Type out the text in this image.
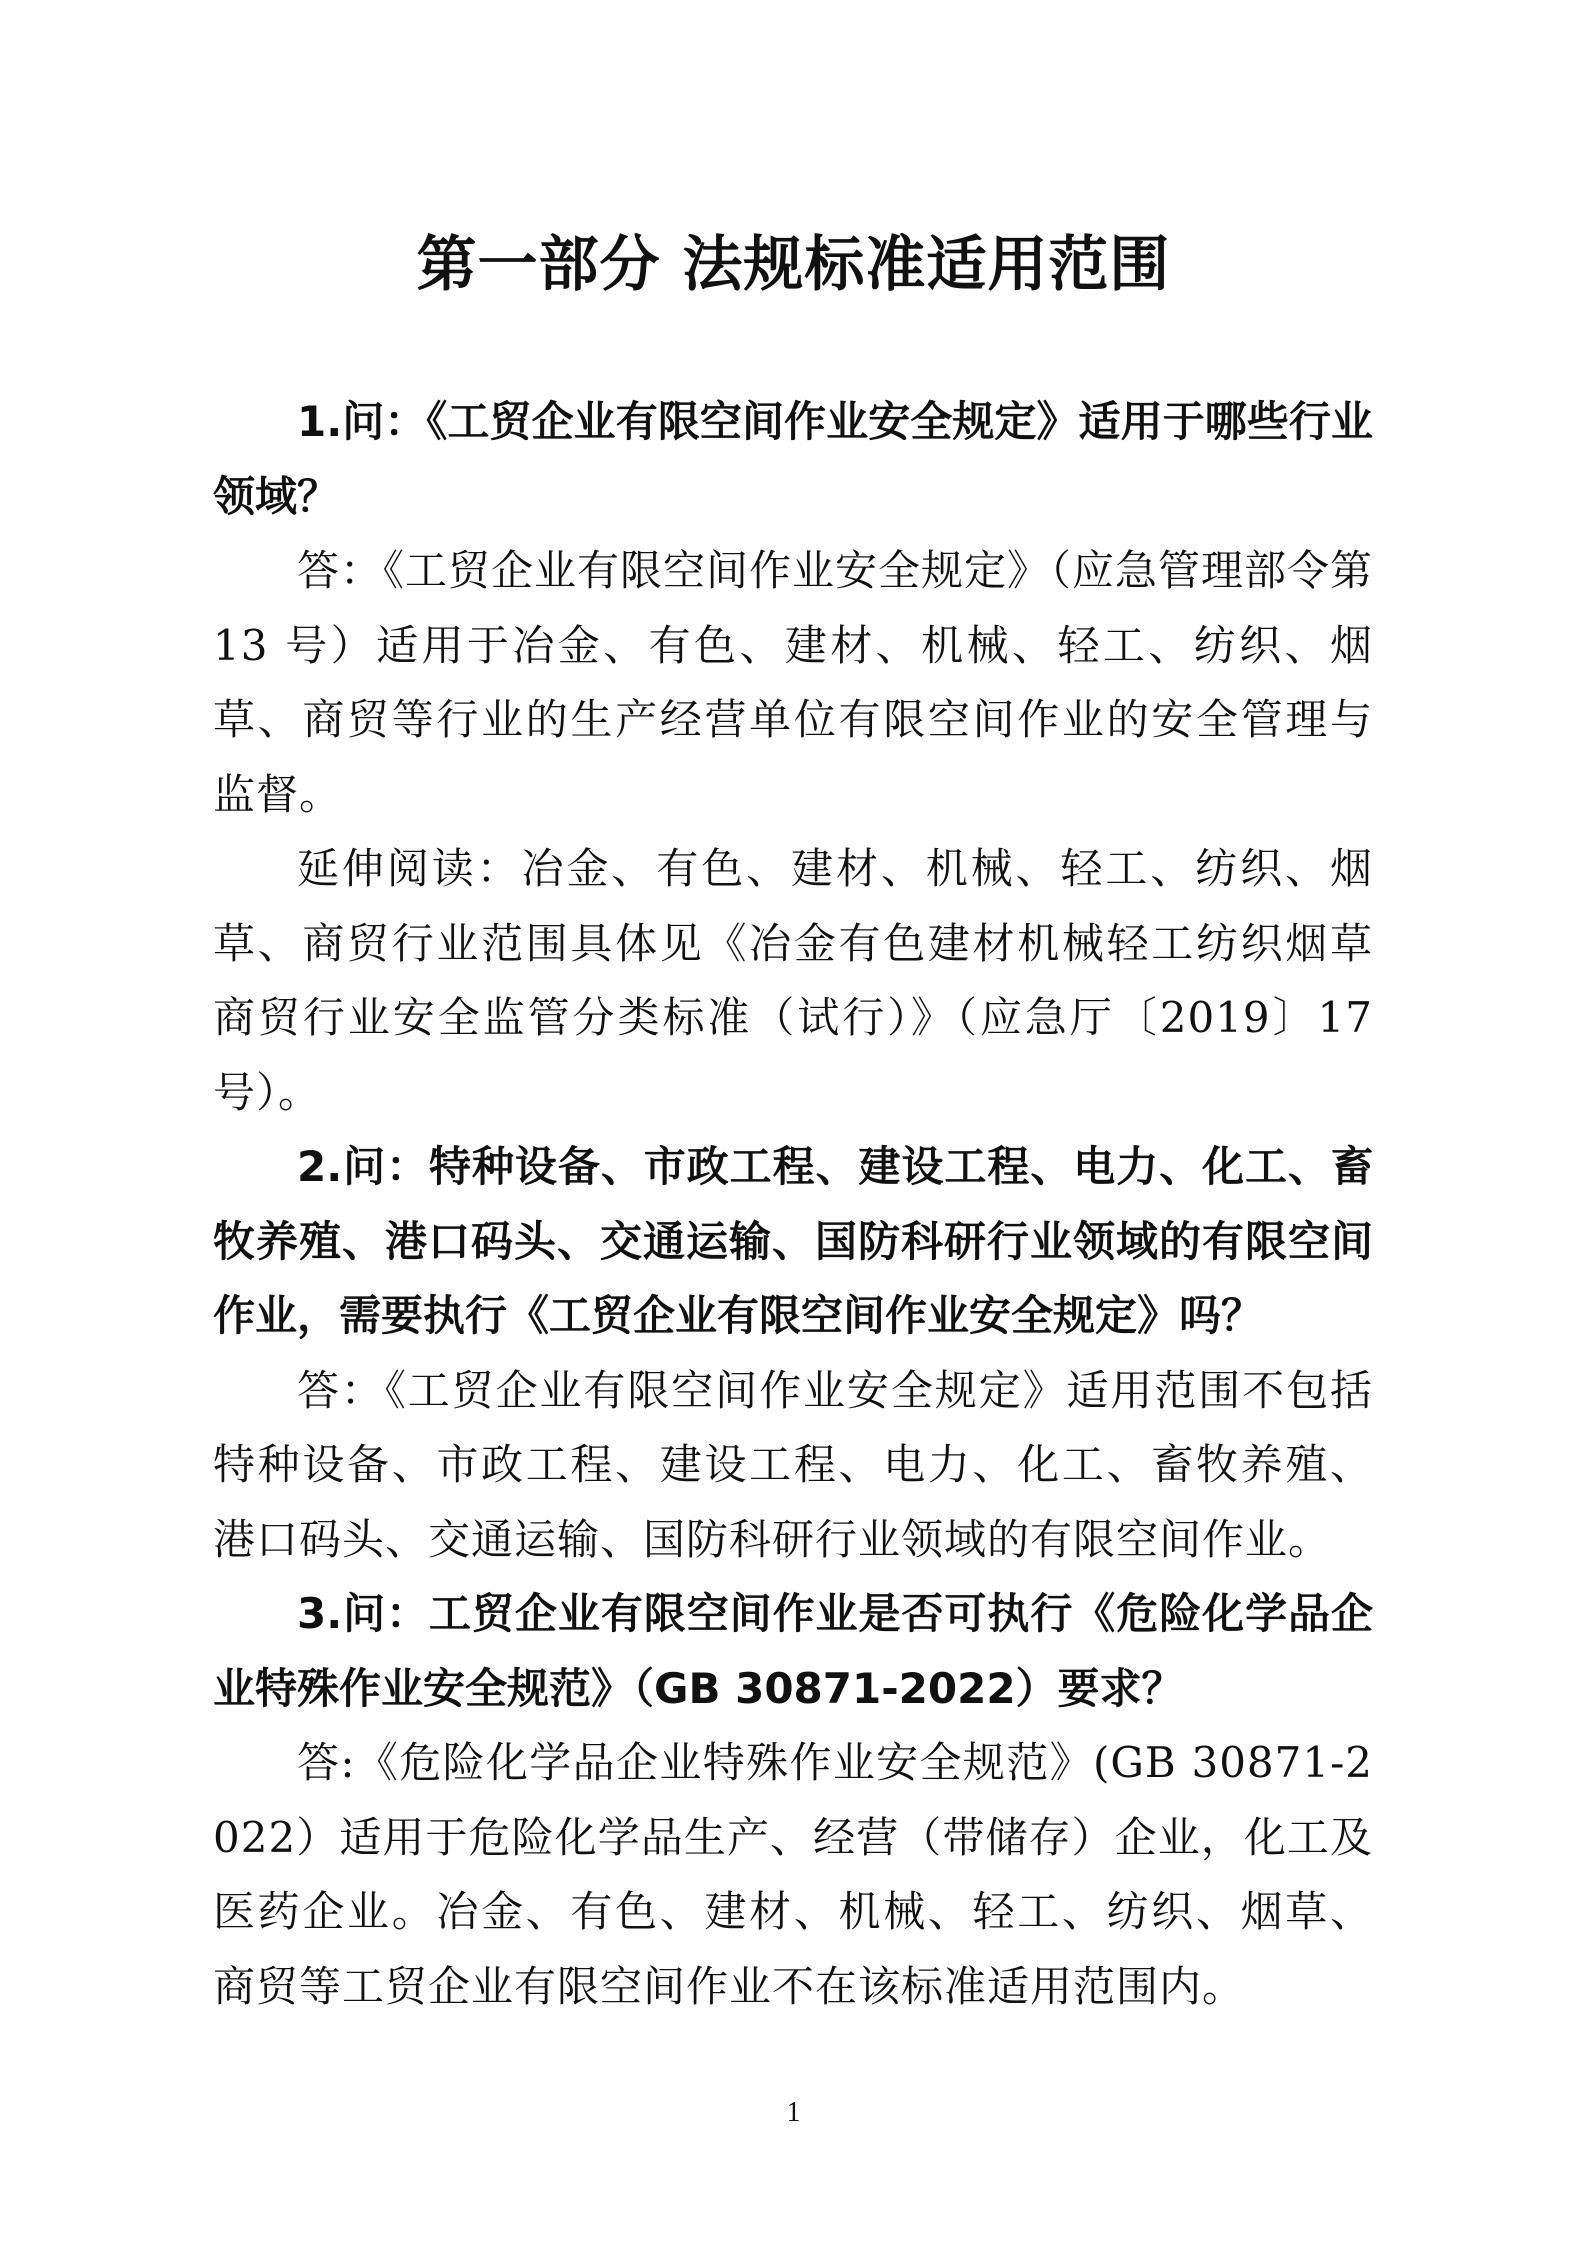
第一部分 法规标准适用范围

1.问：《工贸企业有限空间作业安全规定》适用于哪些行业领域？

答：《工贸企业有限空间作业安全规定》（应急管理部令第 13 号）适用于冶金、有色、建材、机械、轻工、纺织、烟草、商贸等行业的生产经营单位有限空间作业的安全管理与监督。

延伸阅读：冶金、有色、建材、机械、轻工、纺织、烟草、商贸行业范围具体见《冶金有色建材机械轻工纺织烟草商贸行业安全监管分类标准（试行）》（应急厅〔2019〕17 号）。

2.问：特种设备、市政工程、建设工程、电力、化工、畜牧养殖、港口码头、交通运输、国防科研行业领域的有限空间作业，需要执行《工贸企业有限空间作业安全规定》吗？

答：《工贸企业有限空间作业安全规定》适用范围不包括特种设备、市政工程、建设工程、电力、化工、畜牧养殖、港口码头、交通运输、国防科研行业领域的有限空间作业。

3.问：工贸企业有限空间作业是否可执行《危险化学品企业特殊作业安全规范》（GB 30871-2022）要求？

答:《危险化学品企业特殊作业安全规范》(GB 30871-2022）适用于危险化学品生产、经营（带储存）企业，化工及医药企业。冶金、有色、建材、机械、轻工、纺织、烟草、商贸等工贸企业有限空间作业不在该标准适用范围内。

1
